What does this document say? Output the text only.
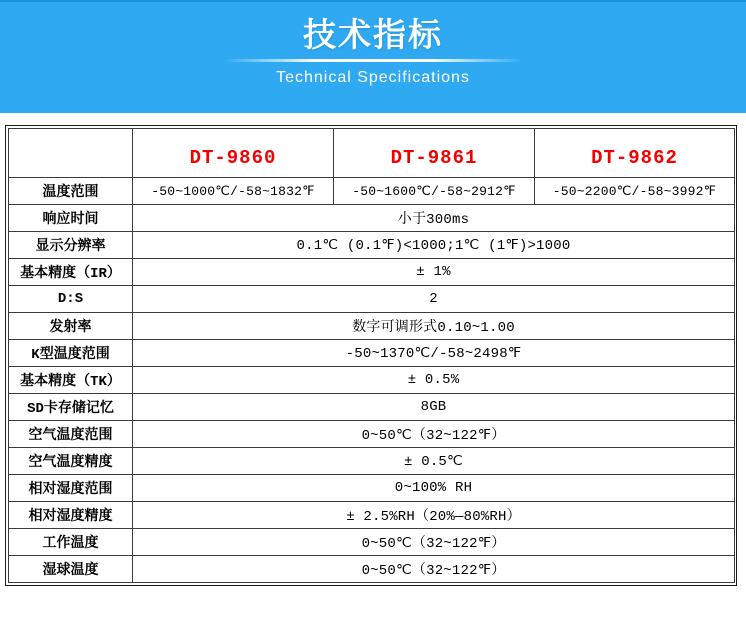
技术指标
Technical Specifications
	DT-9860	DT-9861	DT-9862
温度范围	-50~1000℃/-58~1832℉	-50~1600℃/-58~2912℉	-50~2200℃/-58~3992℉
响应时间	小于300ms		
显示分辨率	0.1℃ (0.1℉)<1000;1℃ (1℉)>1000		
基本精度（IR）	± 1%		
D:S	2		
发射率	数字可调形式0.10~1.00		
K型温度范围	-50~1370℃/-58~2498℉		
基本精度（TK）	± 0.5%		
SD卡存储记忆	8GB		
空气温度范围	0~50℃（32~122℉）		
空气温度精度	± 0.5℃		
相对湿度范围	0~100% RH		
相对湿度精度	± 2.5%RH（20%—80%RH）		
工作温度	0~50℃（32~122℉）		
湿球温度	0~50℃（32~122℉）		
